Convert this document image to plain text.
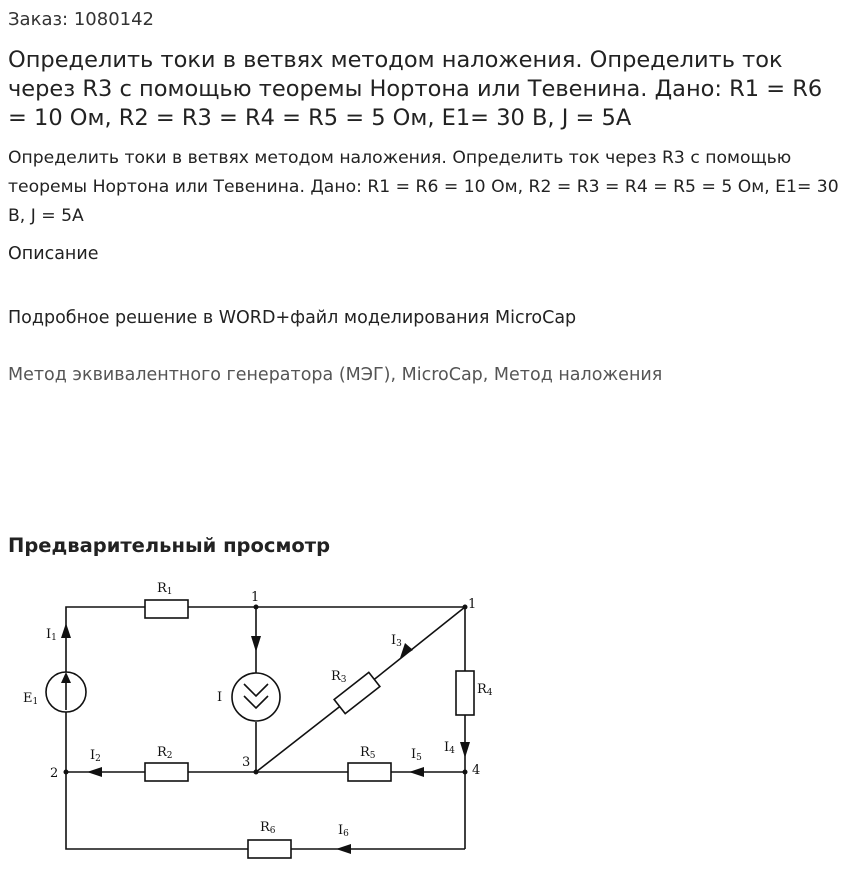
Заказ: 1080142
Определить токи в ветвях методом наложения. Определить ток через R3 с помощью теоремы Нортона или Тевенина. Дано: R1 = R6 = 10 Ом, R2 = R3 = R4 = R5 = 5 Ом, E1= 30 В, J = 5А
Определить токи в ветвях методом наложения. Определить ток через R3 с помощью теоремы Нортона или Тевенина. Дано: R1 = R6 = 10 Ом, R2 = R3 = R4 = R5 = 5 Ом, E1= 30 В, J = 5А
Описание
Подробное решение в WORD+файл моделирования MicroCap
Метод эквивалентного генератора (МЭГ), MicroCap, Метод наложения
Предварительный просмотр
1	1
2
3
4
R1
R2
R3
R4
R5
R6
I1
I2
I3
I4
I5
I6
E1	I
